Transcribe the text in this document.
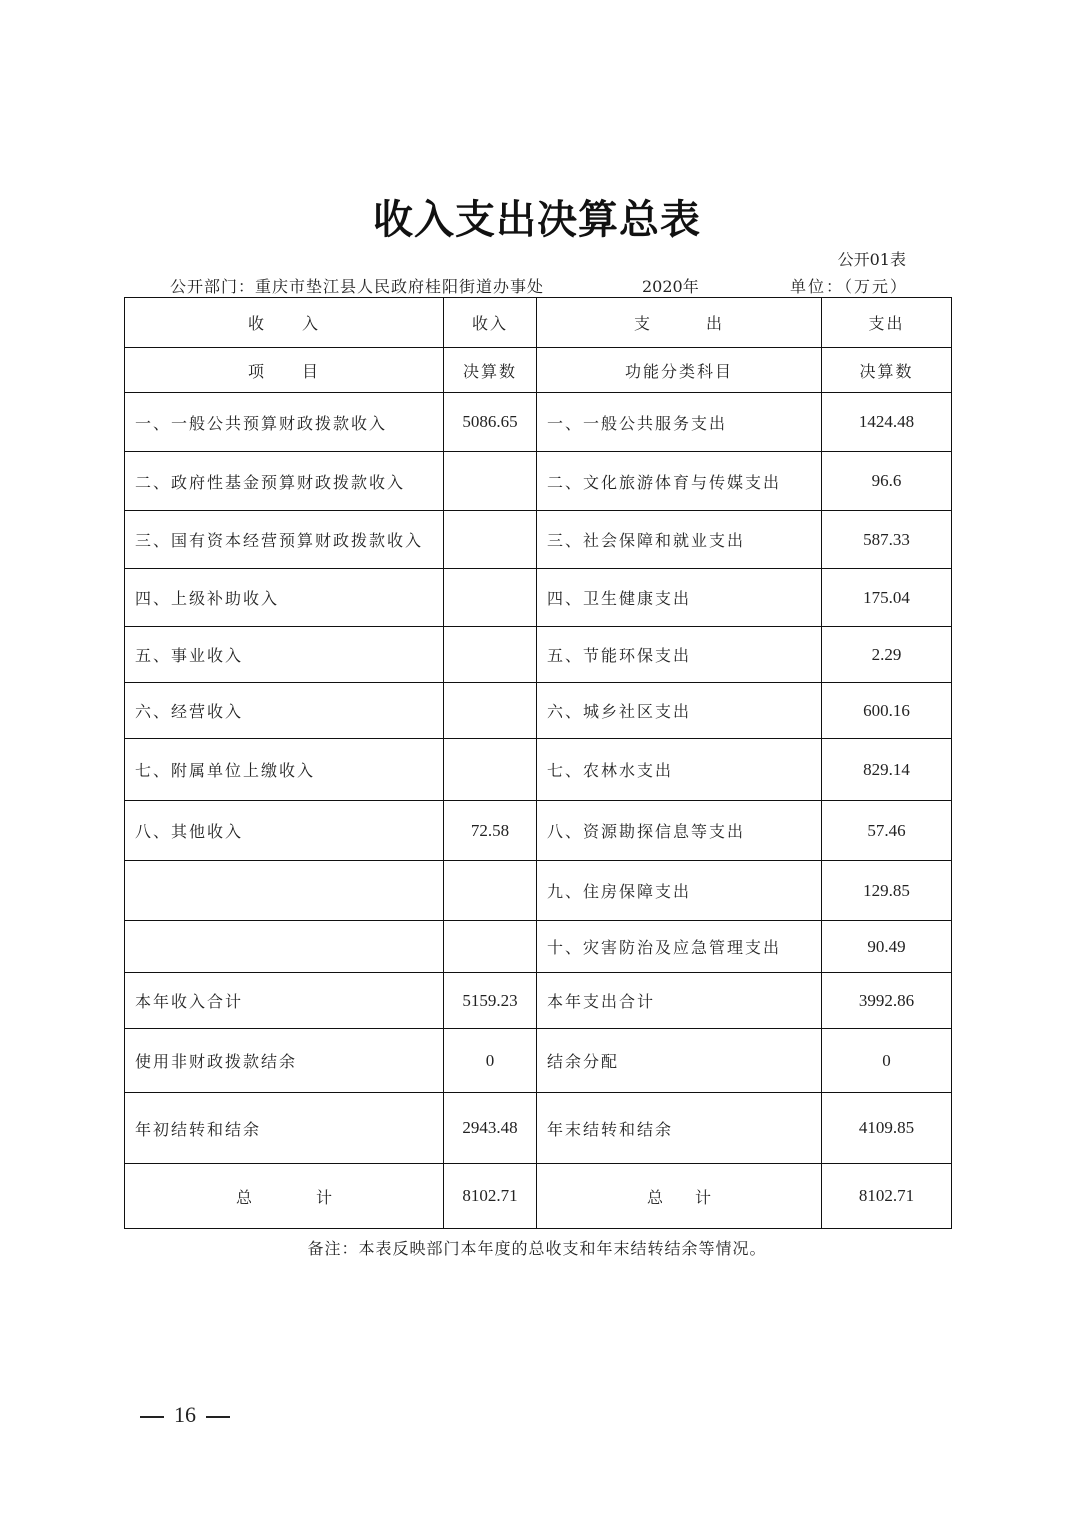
收入支出决算总表
公开01表
公开部门：重庆市垫江县人民政府桂阳街道办事处	2020年	单位：（万元）
收　　入	收入	支　　　出	支出
项　　目	决算数	功能分类科目	决算数
一、一般公共预算财政拨款收入	5086.65	一、一般公共服务支出	1424.48
二、政府性基金预算财政拨款收入		二、文化旅游体育与传媒支出	96.6
三、国有资本经营预算财政拨款收入		三、社会保障和就业支出	587.33
四、上级补助收入		四、卫生健康支出	175.04
五、事业收入		五、节能环保支出	2.29
六、经营收入		六、城乡社区支出	600.16
七、附属单位上缴收入		七、农林水支出	829.14
八、其他收入	72.58	八、资源勘探信息等支出	57.46
		九、住房保障支出	129.85
		十、灾害防治及应急管理支出	90.49
本年收入合计	5159.23	本年支出合计	3992.86
使用非财政拨款结余	0	结余分配	0
年初结转和结余	2943.48	年末结转和结余	4109.85
总　　　　计	8102.71	总　　计	8102.71
备注：本表反映部门本年度的总收支和年末结转结余等情况。
16
